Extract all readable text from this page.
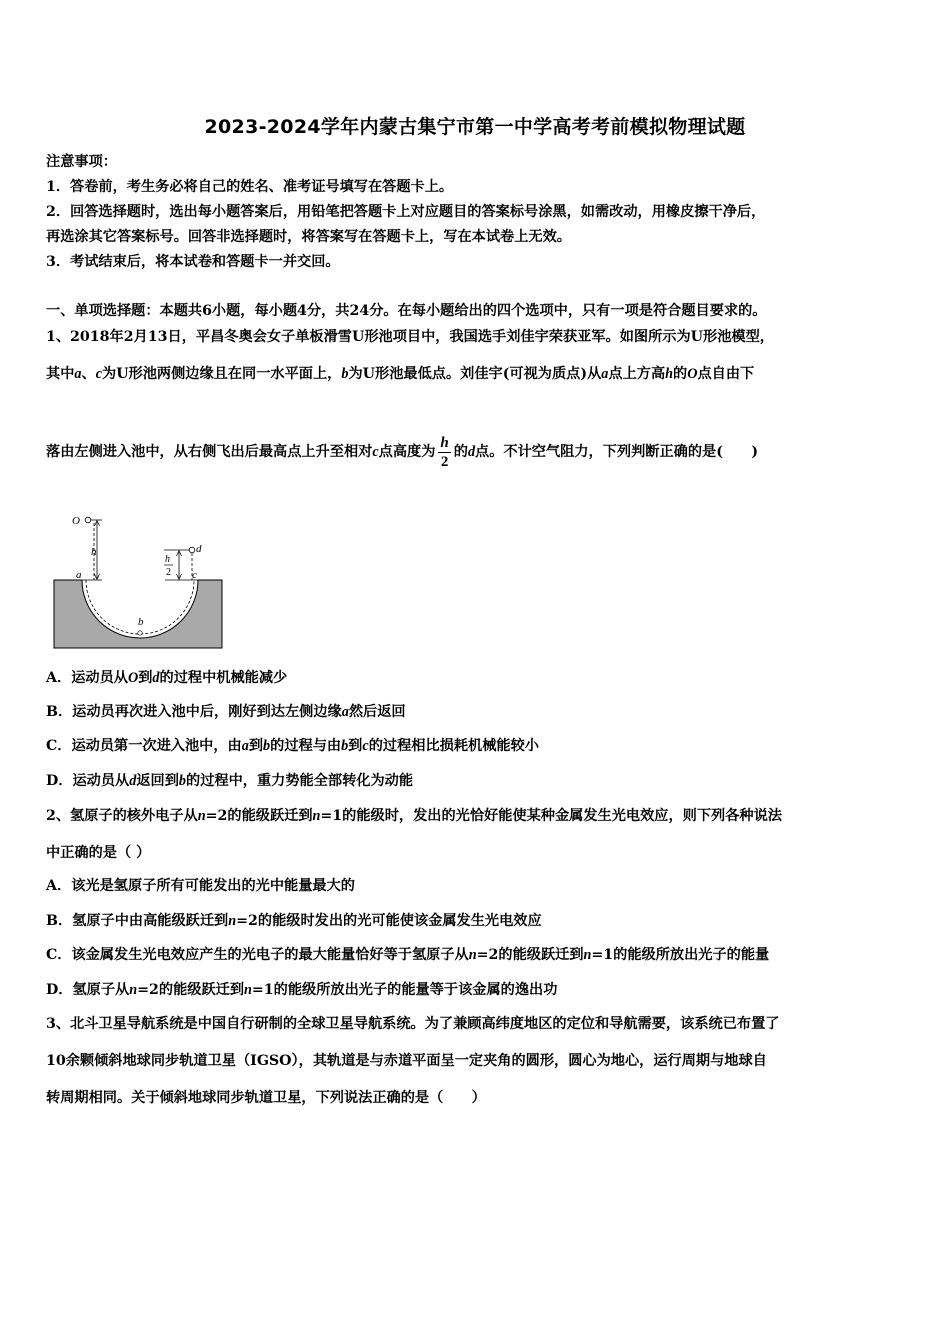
2023-2024学年内蒙古集宁市第一中学高考考前模拟物理试题
注意事项：
1．答卷前，考生务必将自己的姓名、准考证号填写在答题卡上。
2．回答选择题时，选出每小题答案后，用铅笔把答题卡上对应题目的答案标号涂黑，如需改动，用橡皮擦干净后，
再选涂其它答案标号。回答非选择题时，将答案写在答题卡上，写在本试卷上无效。
3．考试结束后，将本试卷和答题卡一并交回。
一、单项选择题：本题共6小题，每小题4分，共24分。在每小题给出的四个选项中，只有一项是符合题目要求的。
1、2018年2月13日，平昌冬奥会女子单板滑雪U形池项目中，我国选手刘佳宇荣获亚军。如图所示为U形池模型，
其中a、c为U形池两侧边缘且在同一水平面上，b为U形池最低点。刘佳宇(可视为质点)从a点上方高h的O点自由下
落由左侧进入池中，从右侧飞出后最高点上升至相对c点高度为 $\frac{h}{2}$ 的d点。不计空气阻力，下列判断正确的是(　　)
O
h	d
a	c
b
h
2
A．运动员从O到d的过程中机械能减少
B．运动员再次进入池中后，刚好到达左侧边缘a然后返回
C．运动员第一次进入池中，由a到b的过程与由b到c的过程相比损耗机械能较小
D．运动员从d返回到b的过程中，重力势能全部转化为动能
2、氢原子的核外电子从n=2的能级跃迁到n=1的能级时，发出的光恰好能使某种金属发生光电效应，则下列各种说法
中正确的是（ ）
A．该光是氢原子所有可能发出的光中能量最大的
B．氢原子中由高能级跃迁到n=2的能级时发出的光可能使该金属发生光电效应
C．该金属发生光电效应产生的光电子的最大能量恰好等于氢原子从n=2的能级跃迁到n=1的能级所放出光子的能量
D．氢原子从n=2的能级跃迁到n=1的能级所放出光子的能量等于该金属的逸出功
3、北斗卫星导航系统是中国自行研制的全球卫星导航系统。为了兼顾高纬度地区的定位和导航需要，该系统已布置了
10余颗倾斜地球同步轨道卫星（IGSO），其轨道是与赤道平面呈一定夹角的圆形，圆心为地心，运行周期与地球自
转周期相同。关于倾斜地球同步轨道卫星，下列说法正确的是（　　）
